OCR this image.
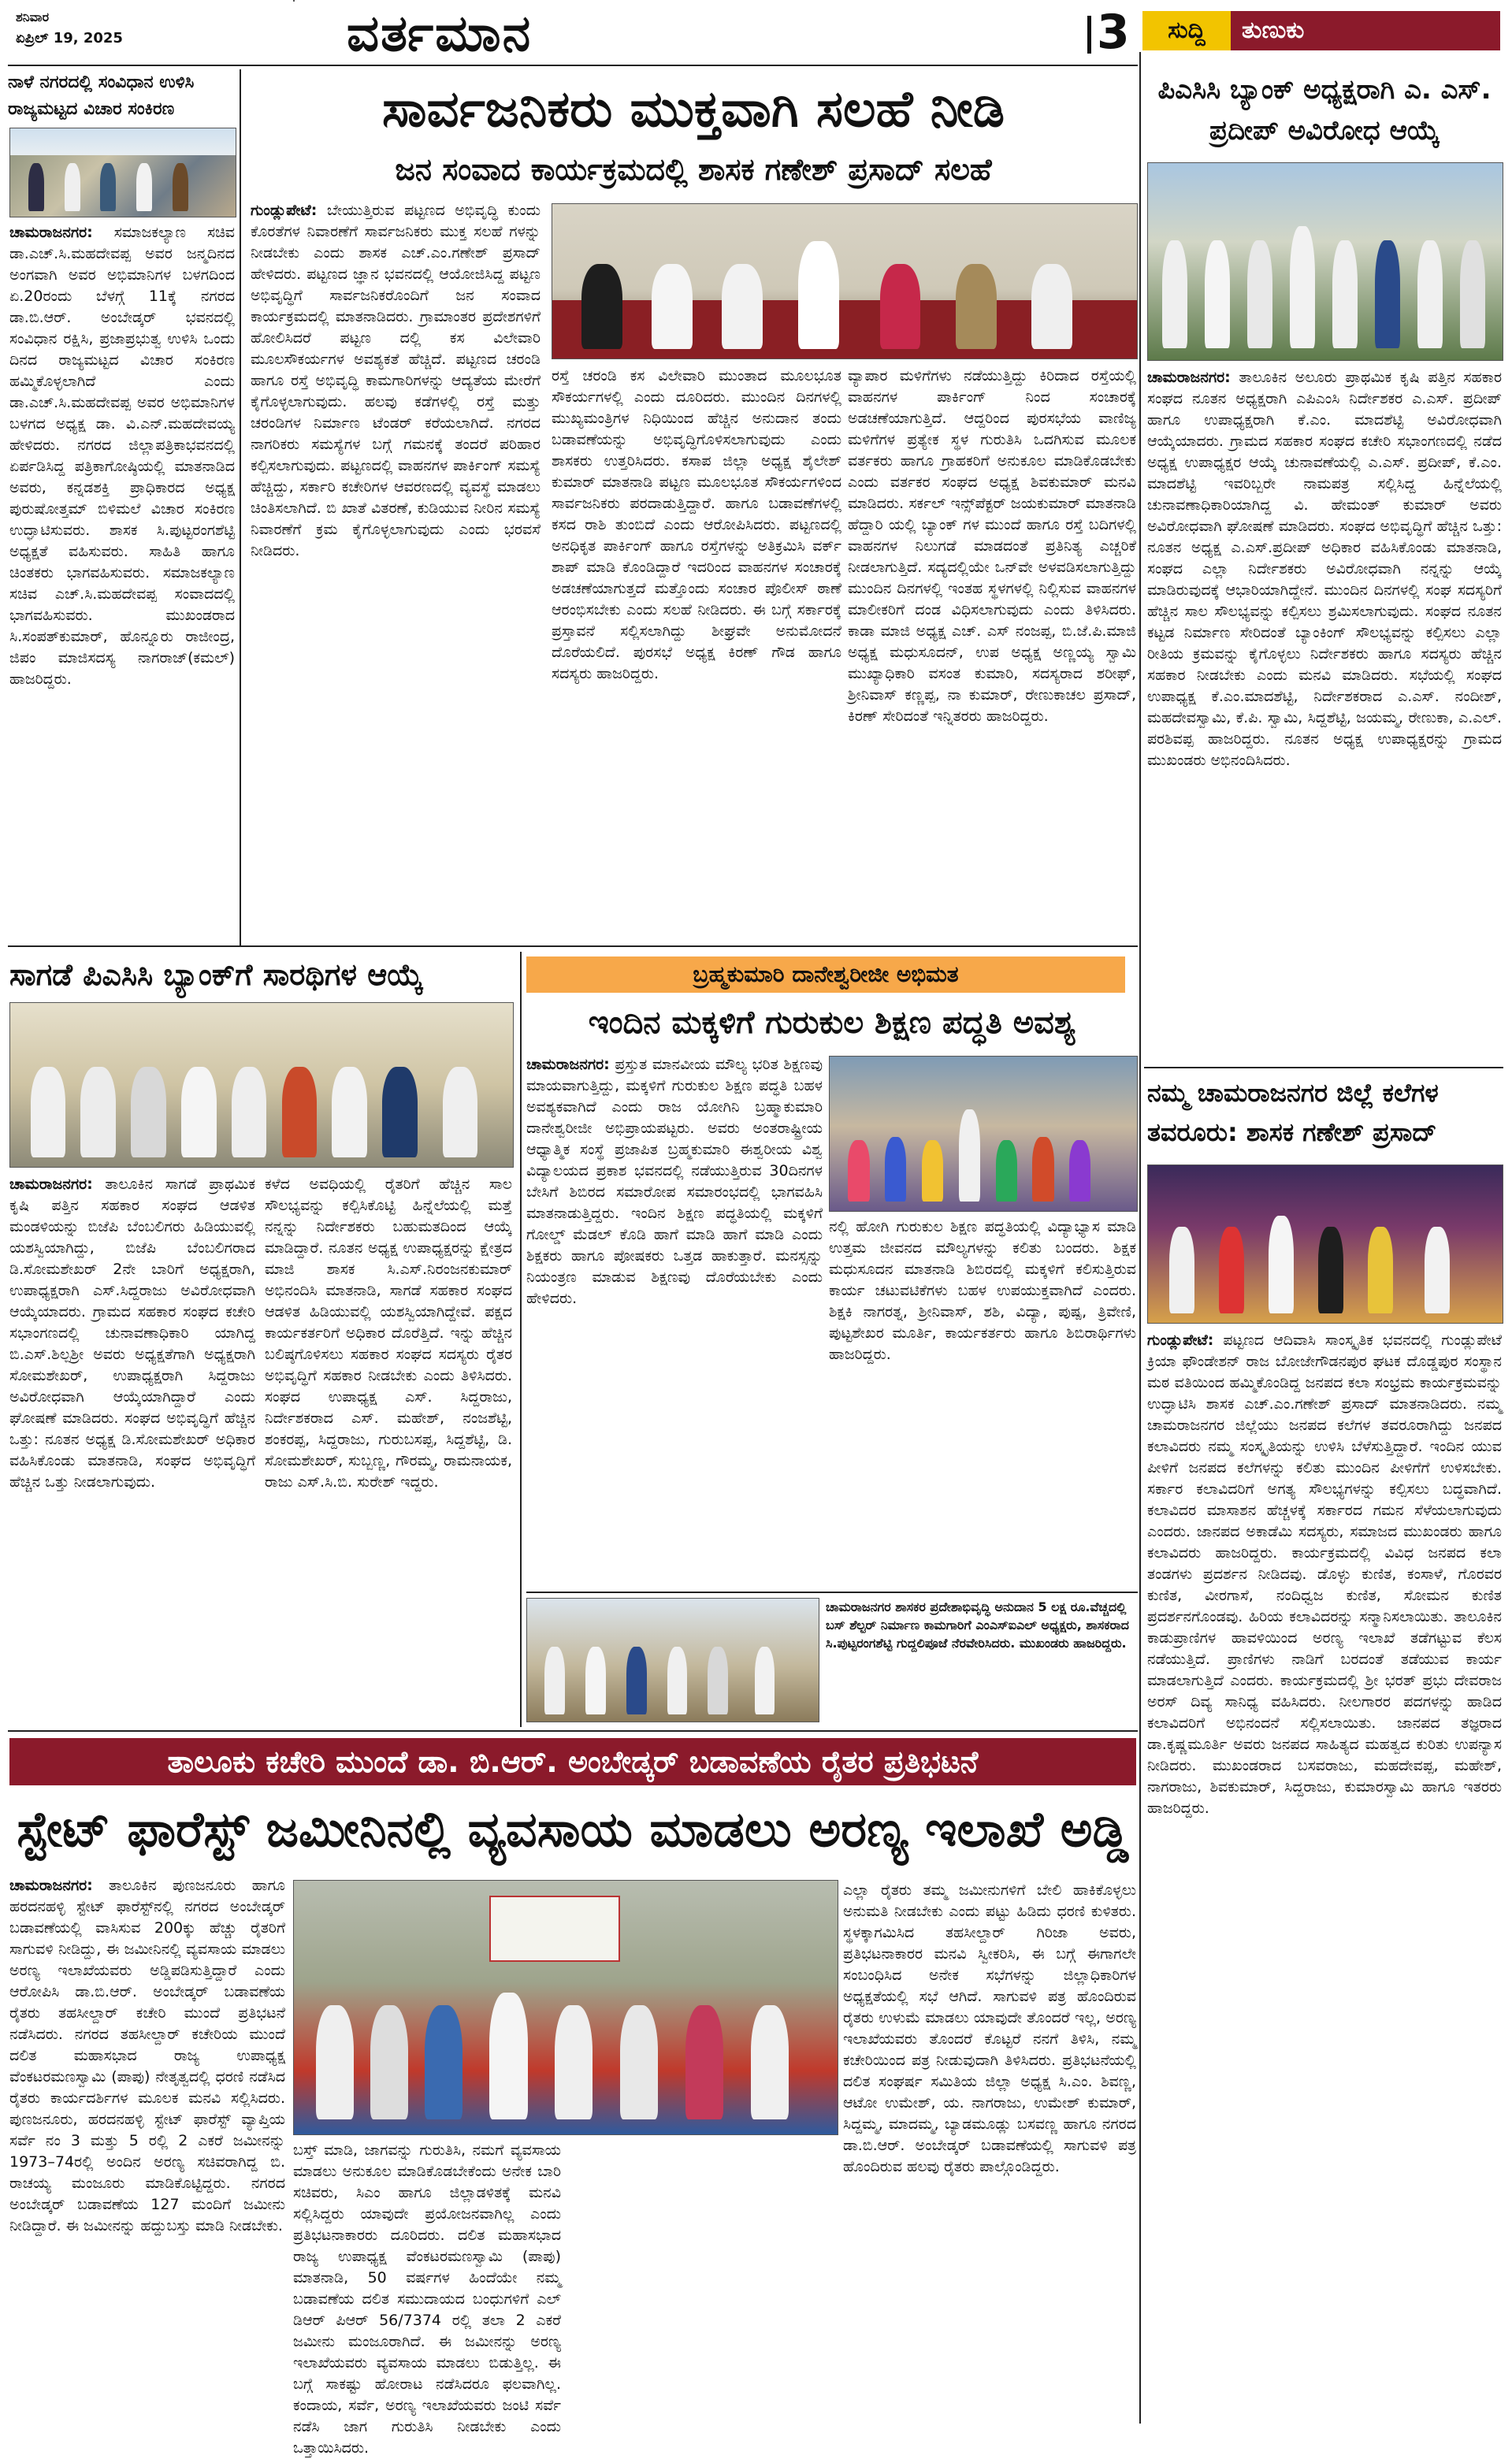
ಶನಿವಾರ
ಏಪ್ರಿಲ್ 19, 2025	ವರ್ತಮಾನ	3	ಸುದ್ದಿ	ತುಣುಕು
ನಾಳೆ ನಗರದಲ್ಲಿ ಸಂವಿಧಾನ ಉಳಿಸಿ ರಾಜ್ಯಮಟ್ಟದ ವಿಚಾರ ಸಂಕಿರಣ
ಚಾಮರಾಜನಗರ: ಸಮಾಜಕಲ್ಯಾಣ ಸಚಿವ ಡಾ.ಎಚ್.ಸಿ.ಮಹದೇವಪ್ಪ ಅವರ ಜನ್ಮದಿನದ ಅಂಗವಾಗಿ ಅವರ ಅಭಿಮಾನಿಗಳ ಬಳಗದಿಂದ ಏ.20ರಂದು ಬೆಳಗ್ಗೆ 11ಕ್ಕೆ ನಗರದ ಡಾ.ಬಿ.ಆರ್. ಅಂಬೇಡ್ಕರ್ ಭವನದಲ್ಲಿ ಸಂವಿಧಾನ ರಕ್ಷಿಸಿ, ಪ್ರಜಾಪ್ರಭುತ್ವ ಉಳಿಸಿ ಒಂದು ದಿನದ ರಾಜ್ಯಮಟ್ಟದ ವಿಚಾರ ಸಂಕಿರಣ ಹಮ್ಮಿಕೊಳ್ಳಲಾಗಿದೆ ಎಂದು ಡಾ.ಎಚ್.ಸಿ.ಮಹದೇವಪ್ಪ ಅವರ ಅಭಿಮಾನಿಗಳ ಬಳಗದ ಅಧ್ಯಕ್ಷ ಡಾ. ವಿ.ಎನ್.ಮಹದೇವಯ್ಯ ಹೇಳಿದರು. ನಗರದ ಜಿಲ್ಲಾಪತ್ರಿಕಾಭವನದಲ್ಲಿ ಏರ್ಪಡಿಸಿದ್ದ ಪತ್ರಿಕಾಗೋಷ್ಠಿಯಲ್ಲಿ ಮಾತನಾಡಿದ ಅವರು, ಕನ್ನಡಶಕ್ತಿ ಪ್ರಾಧಿಕಾರದ ಅಧ್ಯಕ್ಷ ಪುರುಷೋತ್ತಮ್ ಬಿಳಿಮಲೆ ವಿಚಾರ ಸಂಕಿರಣ ಉದ್ಘಾಟಿಸುವರು. ಶಾಸಕ ಸಿ.ಪುಟ್ಟರಂಗಶೆಟ್ಟಿ ಅಧ್ಯಕ್ಷತೆ ವಹಿಸುವರು. ಸಾಹಿತಿ ಹಾಗೂ ಚಿಂತಕರು ಭಾಗವಹಿಸುವರು. ಸಮಾಜಕಲ್ಯಾಣ ಸಚಿವ ಎಚ್.ಸಿ.ಮಹದೇವಪ್ಪ ಸಂವಾದದಲ್ಲಿ ಭಾಗವಹಿಸುವರು. ಮುಖಂಡರಾದ ಸಿ.ಸಂಪತ್‌ಕುಮಾರ್, ಹೊನ್ನೂರು ರಾಜೀಂದ್ರ, ಜಿಪಂ ಮಾಜಿಸದಸ್ಯ ನಾಗರಾಜ್(ಕಮಲ್) ಹಾಜರಿದ್ದರು.
ಸಾರ್ವಜನಿಕರು ಮುಕ್ತವಾಗಿ ಸಲಹೆ ನೀಡಿ
ಜನ ಸಂವಾದ ಕಾರ್ಯಕ್ರಮದಲ್ಲಿ ಶಾಸಕ ಗಣೇಶ್ ಪ್ರಸಾದ್ ಸಲಹೆ
ಗುಂಡ್ಲುಪೇಟೆ: ಬೇಯುತ್ತಿರುವ ಪಟ್ಟಣದ ಅಭಿವೃದ್ಧಿ ಕುಂದು ಕೊರತೆಗಳ ನಿವಾರಣೆಗೆ ಸಾರ್ವಜನಿಕರು ಮುಕ್ತ ಸಲಹೆ ಗಳನ್ನು ನೀಡಬೇಕು ಎಂದು ಶಾಸಕ ಎಚ್.ಎಂ.ಗಣೇಶ್ ಪ್ರಸಾದ್ ಹೇಳಿದರು. ಪಟ್ಟಣದ ಜ್ಞಾನ ಭವನದಲ್ಲಿ ಆಯೋಜಿಸಿದ್ದ ಪಟ್ಟಣ ಅಭಿವೃದ್ಧಿಗೆ ಸಾರ್ವಜನಿಕರೊಂದಿಗೆ ಜನ ಸಂವಾದ ಕಾರ್ಯಕ್ರಮದಲ್ಲಿ ಮಾತನಾಡಿದರು. ಗ್ರಾಮಾಂತರ ಪ್ರದೇಶಗಳಿಗೆ ಹೋಲಿಸಿದರೆ ಪಟ್ಟಣ ದಲ್ಲಿ ಕಸ ವಿಲೇವಾರಿ ಮೂಲಸೌಕರ್ಯಗಳ ಅವಶ್ಯಕತೆ ಹೆಚ್ಚಿದೆ. ಪಟ್ಟಣದ ಚರಂಡಿ ಹಾಗೂ ರಸ್ತೆ ಅಭಿವೃದ್ಧಿ ಕಾಮಗಾರಿಗಳನ್ನು ಆದ್ಯತೆಯ ಮೇರೆಗೆ ಕೈಗೊಳ್ಳಲಾಗುವುದು. ಹಲವು ಕಡೆಗಳಲ್ಲಿ ರಸ್ತೆ ಮತ್ತು ಚರಂಡಿಗಳ ನಿರ್ಮಾಣ ಟೆಂಡರ್ ಕರೆಯಲಾಗಿದೆ. ನಗರದ ನಾಗರಿಕರು ಸಮಸ್ಯೆಗಳ ಬಗ್ಗೆ ಗಮನಕ್ಕೆ ತಂದರೆ ಪರಿಹಾರ ಕಲ್ಪಿಸಲಾಗುವುದು. ಪಟ್ಟಣದಲ್ಲಿ ವಾಹನಗಳ ಪಾರ್ಕಿಂಗ್ ಸಮಸ್ಯೆ ಹೆಚ್ಚಿದ್ದು, ಸರ್ಕಾರಿ ಕಚೇರಿಗಳ ಆವರಣದಲ್ಲಿ ವ್ಯವಸ್ಥೆ ಮಾಡಲು ಚಿಂತಿಸಲಾಗಿದೆ. ಬಿ ಖಾತೆ ವಿತರಣೆ, ಕುಡಿಯುವ ನೀರಿನ ಸಮಸ್ಯೆ ನಿವಾರಣೆಗೆ ಕ್ರಮ ಕೈಗೊಳ್ಳಲಾಗುವುದು ಎಂದು ಭರವಸೆ ನೀಡಿದರು.
ರಸ್ತೆ ಚರಂಡಿ ಕಸ ವಿಲೇವಾರಿ ಮುಂತಾದ ಮೂಲಭೂತ ಸೌಕರ್ಯಗಳಲ್ಲಿ ಎಂದು ದೂರಿದರು. ಮುಂದಿನ ದಿನಗಳಲ್ಲಿ ಮುಖ್ಯಮಂತ್ರಿಗಳ ನಿಧಿಯಿಂದ ಹೆಚ್ಚಿನ ಅನುದಾನ ತಂದು ಬಡಾವಣೆಯನ್ನು ಅಭಿವೃದ್ಧಿಗೊಳಿಸಲಾಗುವುದು ಎಂದು ಶಾಸಕರು ಉತ್ತರಿಸಿದರು. ಕಸಾಪ ಜಿಲ್ಲಾ ಅಧ್ಯಕ್ಷ ಶೈಲೇಶ್ ಕುಮಾರ್ ಮಾತನಾಡಿ ಪಟ್ಟಣ ಮೂಲಭೂತ ಸೌಕರ್ಯಗಳಿಂದ ಸಾರ್ವಜನಿಕರು ಪರದಾಡುತ್ತಿದ್ದಾರೆ. ಹಾಗೂ ಬಡಾವಣೆಗಳಲ್ಲಿ ಕಸದ ರಾಶಿ ತುಂಬಿದೆ ಎಂದು ಆರೋಪಿಸಿದರು. ಪಟ್ಟಣದಲ್ಲಿ ಅನಧಿಕೃತ ಪಾರ್ಕಿಂಗ್ ಹಾಗೂ ರಸ್ತೆಗಳನ್ನು ಅತಿಕ್ರಮಿಸಿ ವರ್ಕ್ ಶಾಪ್ ಮಾಡಿ ಕೊಂಡಿದ್ದಾರೆ ಇದರಿಂದ ವಾಹನಗಳ ಸಂಚಾರಕ್ಕೆ ಅಡಚಣೆಯಾಗುತ್ತದೆ ಮತ್ತೊಂದು ಸಂಚಾರ ಪೊಲೀಸ್ ಠಾಣೆ ಆರಂಭಿಸಬೇಕು ಎಂದು ಸಲಹೆ ನೀಡಿದರು. ಈ ಬಗ್ಗೆ ಸರ್ಕಾರಕ್ಕೆ ಪ್ರಸ್ತಾವನೆ ಸಲ್ಲಿಸಲಾಗಿದ್ದು ಶೀಘ್ರವೇ ಅನುಮೋದನೆ ದೊರೆಯಲಿದೆ. ಪುರಸಭೆ ಅಧ್ಯಕ್ಷ ಕಿರಣ್ ಗೌಡ ಹಾಗೂ ಸದಸ್ಯರು ಹಾಜರಿದ್ದರು.
ವ್ಯಾಪಾರ ಮಳಿಗೆಗಳು ನಡೆಯುತ್ತಿದ್ದು ಕಿರಿದಾದ ರಸ್ತೆಯಲ್ಲಿ ವಾಹನಗಳ ಪಾರ್ಕಿಂಗ್ ನಿಂದ ಸಂಚಾರಕ್ಕೆ ಅಡಚಣೆಯಾಗುತ್ತಿದೆ. ಆದ್ದರಿಂದ ಪುರಸಭೆಯ ವಾಣಿಜ್ಯ ಮಳಿಗೆಗಳ ಪ್ರತ್ಯೇಕ ಸ್ಥಳ ಗುರುತಿಸಿ ಒದಗಿಸುವ ಮೂಲಕ ವರ್ತಕರು ಹಾಗೂ ಗ್ರಾಹಕರಿಗೆ ಅನುಕೂಲ ಮಾಡಿಕೊಡಬೇಕು ಎಂದು ವರ್ತಕರ ಸಂಘದ ಅಧ್ಯಕ್ಷ ಶಿವಕುಮಾರ್ ಮನವಿ ಮಾಡಿದರು. ಸರ್ಕಲ್ ಇನ್ಸ್‌ಪೆಕ್ಟರ್ ಜಯಕುಮಾರ್ ಮಾತನಾಡಿ ಹೆದ್ದಾರಿ ಯಲ್ಲಿ ಬ್ಯಾಂಕ್ ಗಳ ಮುಂದೆ ಹಾಗೂ ರಸ್ತೆ ಬದಿಗಳಲ್ಲಿ ವಾಹನಗಳ ನಿಲುಗಡೆ ಮಾಡದಂತೆ ಪ್ರತಿನಿತ್ಯ ಎಚ್ಚರಿಕೆ ನೀಡಲಾಗುತ್ತಿದೆ. ಸದ್ಯದಲ್ಲಿಯೇ ಒನ್‌ವೇ ಅಳವಡಿಸಲಾಗುತ್ತಿದ್ದು ಮುಂದಿನ ದಿನಗಳಲ್ಲಿ ಇಂತಹ ಸ್ಥಳಗಳಲ್ಲಿ ನಿಲ್ಲಿಸುವ ವಾಹನಗಳ ಮಾಲೀಕರಿಗೆ ದಂಡ ವಿಧಿಸಲಾಗುವುದು ಎಂದು ತಿಳಿಸಿದರು. ಕಾಡಾ ಮಾಜಿ ಅಧ್ಯಕ್ಷ ಎಚ್. ಎಸ್ ನಂಜಪ್ಪ, ಬಿ.ಜೆ.ಪಿ.ಮಾಜಿ ಅಧ್ಯಕ್ಷ ಮಧುಸೂದನ್, ಉಪ ಅಧ್ಯಕ್ಷ ಅಣ್ಣಯ್ಯ ಸ್ವಾಮಿ ಮುಖ್ಯಾಧಿಕಾರಿ ವಸಂತ ಕುಮಾರಿ, ಸದಸ್ಯರಾದ ಶರೀಫ್, ಶ್ರೀನಿವಾಸ್ ಕಣ್ಣಪ್ಪ, ನಾ ಕುಮಾರ್, ರೇಣುಕಾಚಲ ಪ್ರಸಾದ್, ಕಿರಣ್ ಸೇರಿದಂತೆ ಇನ್ನಿತರರು ಹಾಜರಿದ್ದರು.
ಸಾಗಡೆ ಪಿಎಸಿಸಿ ಬ್ಯಾಂಕ್‌ಗೆ ಸಾರಥಿಗಳ ಆಯ್ಕೆ
ಚಾಮರಾಜನಗರ: ತಾಲೂಕಿನ ಸಾಗಡೆ ಪ್ರಾಥಮಿಕ ಕೃಷಿ ಪತ್ತಿನ ಸಹಕಾರ ಸಂಘದ ಆಡಳಿತ ಮಂಡಳಿಯನ್ನು ಬಿಜೆಪಿ ಬೆಂಬಲಿಗರು ಹಿಡಿಯುವಲ್ಲಿ ಯಶಸ್ವಿಯಾಗಿದ್ದು, ಬಿಜೆಪಿ ಬೆಂಬಲಿಗರಾದ ಡಿ.ಸೋಮಶೇಖರ್ 2ನೇ ಬಾರಿಗೆ ಅಧ್ಯಕ್ಷರಾಗಿ, ಉಪಾಧ್ಯಕ್ಷರಾಗಿ ಎಸ್.ಸಿದ್ದರಾಜು ಅವಿರೋಧವಾಗಿ ಆಯ್ಕೆಯಾದರು. ಗ್ರಾಮದ ಸಹಕಾರ ಸಂಘದ ಕಚೇರಿ ಸಭಾಂಗಣದಲ್ಲಿ ಚುನಾವಣಾಧಿಕಾರಿ ಯಾಗಿದ್ದ ಬಿ.ಎಸ್.ಶಿಲ್ಪಶ್ರೀ ಅವರು ಅಧ್ಯಕ್ಷತೆಗಾಗಿ ಅಧ್ಯಕ್ಷರಾಗಿ ಸೋಮಶೇಖರ್, ಉಪಾಧ್ಯಕ್ಷರಾಗಿ ಸಿದ್ದರಾಜು ಅವಿರೋಧವಾಗಿ ಆಯ್ಕೆಯಾಗಿದ್ದಾರೆ ಎಂದು ಘೋಷಣೆ ಮಾಡಿದರು. ಸಂಘದ ಅಭಿವೃದ್ಧಿಗೆ ಹೆಚ್ಚಿನ ಒತ್ತು: ನೂತನ ಅಧ್ಯಕ್ಷ ಡಿ.ಸೋಮಶೇಖರ್ ಅಧಿಕಾರ ವಹಿಸಿಕೊಂಡು ಮಾತನಾಡಿ, ಸಂಘದ ಅಭಿವೃದ್ಧಿಗೆ ಹೆಚ್ಚಿನ ಒತ್ತು ನೀಡಲಾಗುವುದು.
ಕಳೆದ ಅವಧಿಯಲ್ಲಿ ರೈತರಿಗೆ ಹೆಚ್ಚಿನ ಸಾಲ ಸೌಲಭ್ಯವನ್ನು ಕಲ್ಪಿಸಿಕೊಟ್ಟಿ ಹಿನ್ನೆಲೆಯಲ್ಲಿ ಮತ್ತೆ ನನ್ನನ್ನು ನಿರ್ದೇಶಕರು ಬಹುಮತದಿಂದ ಆಯ್ಕೆ ಮಾಡಿದ್ದಾರೆ. ನೂತನ ಅಧ್ಯಕ್ಷ ಉಪಾಧ್ಯಕ್ಷರನ್ನು ಕ್ಷೇತ್ರದ ಮಾಜಿ ಶಾಸಕ ಸಿ.ಎಸ್.ನಿರಂಜನಕುಮಾರ್ ಅಭಿನಂದಿಸಿ ಮಾತನಾಡಿ, ಸಾಗಡೆ ಸಹಕಾರ ಸಂಘದ ಆಡಳಿತ ಹಿಡಿಯುವಲ್ಲಿ ಯಶಸ್ವಿಯಾಗಿದ್ದೇವೆ. ಪಕ್ಷದ ಕಾರ್ಯಕರ್ತರಿಗೆ ಅಧಿಕಾರ ದೊರೆತ್ತಿದೆ. ಇನ್ನು ಹೆಚ್ಚಿನ ಬಲಿಷ್ಠಗೊಳಿಸಲು ಸಹಕಾರ ಸಂಘದ ಸದಸ್ಯರು ರೈತರ ಅಭಿವೃದ್ಧಿಗೆ ಸಹಕಾರ ನೀಡಬೇಕು ಎಂದು ತಿಳಿಸಿದರು. ಸಂಘದ ಉಪಾಧ್ಯಕ್ಷ ಎಸ್. ಸಿದ್ದರಾಜು, ನಿರ್ದೇಶಕರಾದ ಎಸ್. ಮಹೇಶ್, ನಂಜಶೆಟ್ಟಿ, ಶಂಕರಪ್ಪ, ಸಿದ್ದರಾಜು, ಗುರುಬಸಪ್ಪ, ಸಿದ್ದಶೆಟ್ಟಿ, ಡಿ. ಸೋಮಶೇಖರ್, ಸುಬ್ಬಣ್ಣ, ಗೌರಮ್ಮ, ರಾಮನಾಯಕ, ರಾಜು ಎಸ್.ಸಿ.ಬಿ. ಸುರೇಶ್ ಇದ್ದರು.
ಬ್ರಹ್ಮಕುಮಾರಿ ದಾನೇಶ್ವರೀಜೀ ಅಭಿಮತ
ಇಂದಿನ ಮಕ್ಕಳಿಗೆ ಗುರುಕುಲ ಶಿಕ್ಷಣ ಪದ್ಧತಿ ಅವಶ್ಯ
ಚಾಮರಾಜನಗರ: ಪ್ರಸ್ತುತ ಮಾನವೀಯ ಮೌಲ್ಯ ಭರಿತ ಶಿಕ್ಷಣವು ಮಾಯವಾಗುತ್ತಿದ್ದು, ಮಕ್ಕಳಿಗೆ ಗುರುಕುಲ ಶಿಕ್ಷಣ ಪದ್ಧತಿ ಬಹಳ ಅವಶ್ಯಕವಾಗಿದೆ ಎಂದು ರಾಜ ಯೋಗಿನಿ ಬ್ರಹ್ಮಾಕುಮಾರಿ ದಾನೇಶ್ವರೀಜೀ ಅಭಿಪ್ರಾಯಪಟ್ಟರು. ಅವರು ಅಂತರಾಷ್ಟ್ರೀಯ ಆಧ್ಯಾತ್ಮಿಕ ಸಂಸ್ಥೆ ಪ್ರಜಾಪಿತ ಬ್ರಹ್ಮಕುಮಾರಿ ಈಶ್ವರೀಯ ವಿಶ್ವ ವಿದ್ಯಾಲಯದ ಪ್ರಕಾಶ ಭವನದಲ್ಲಿ ನಡೆಯುತ್ತಿರುವ 30ದಿನಗಳ ಬೇಸಿಗೆ ಶಿಬಿರದ ಸಮಾರೋಪ ಸಮಾರಂಭದಲ್ಲಿ ಭಾಗವಹಿಸಿ ಮಾತನಾಡುತ್ತಿದ್ದರು. ಇಂದಿನ ಶಿಕ್ಷಣ ಪದ್ಧತಿಯಲ್ಲಿ ಮಕ್ಕಳಿಗೆ ಗೋಲ್ಡ್ ಮೆಡಲ್ ಕೊಡಿ ಹಾಗೆ ಮಾಡಿ ಹಾಗೆ ಮಾಡಿ ಎಂದು ಶಿಕ್ಷಕರು ಹಾಗೂ ಪೋಷಕರು ಒತ್ತಡ ಹಾಕುತ್ತಾರೆ. ಮನಸ್ಸನ್ನು ನಿಯಂತ್ರಣ ಮಾಡುವ ಶಿಕ್ಷಣವು ದೊರೆಯಬೇಕು ಎಂದು ಹೇಳಿದರು.
ನಲ್ಲಿ ಹೋಗಿ ಗುರುಕುಲ ಶಿಕ್ಷಣ ಪದ್ಧತಿಯಲ್ಲಿ ವಿದ್ಯಾಭ್ಯಾಸ ಮಾಡಿ ಉತ್ತಮ ಜೀವನದ ಮೌಲ್ಯಗಳನ್ನು ಕಲಿತು ಬಂದರು. ಶಿಕ್ಷಕ ಮಧುಸೂದನ ಮಾತನಾಡಿ ಶಿಬಿರದಲ್ಲಿ ಮಕ್ಕಳಿಗೆ ಕಲಿಸುತ್ತಿರುವ ಕಾರ್ಯ ಚಟುವಟಿಕೆಗಳು ಬಹಳ ಉಪಯುಕ್ತವಾಗಿದೆ ಎಂದರು. ಶಿಕ್ಷಕಿ ನಾಗರತ್ನ, ಶ್ರೀನಿವಾಸ್, ಶಶಿ, ವಿದ್ಯಾ, ಪುಷ್ಪ, ತ್ರಿವೇಣಿ, ಪುಟ್ಟಶೇಖರ ಮೂರ್ತಿ, ಕಾರ್ಯಕರ್ತರು ಹಾಗೂ ಶಿಬಿರಾರ್ಥಿಗಳು ಹಾಜರಿದ್ದರು.
ಚಾಮರಾಜನಗರ ಶಾಸಕರ ಪ್ರದೇಶಾಭಿವೃದ್ಧಿ ಅನುದಾನ 5 ಲಕ್ಷ ರೂ.ವೆಚ್ಚದಲ್ಲಿ ಬಸ್ ಶೆಲ್ಟರ್ ನಿರ್ಮಾಣ ಕಾಮಗಾರಿಗೆ ಎಂಎಸ್‌ಐಎಲ್ ಅಧ್ಯಕ್ಷರು, ಶಾಸಕರಾದ ಸಿ.ಪುಟ್ಟರಂಗಶೆಟ್ಟಿ ಗುದ್ದಲಿಪೂಜೆ ನೆರವೇರಿಸಿದರು. ಮುಖಂಡರು ಹಾಜರಿದ್ದರು.
ತಾಲೂಕು ಕಚೇರಿ ಮುಂದೆ ಡಾ. ಬಿ.ಆರ್. ಅಂಬೇಡ್ಕರ್ ಬಡಾವಣೆಯ ರೈತರ ಪ್ರತಿಭಟನೆ
ಸ್ಟೇಟ್ ಫಾರೆಸ್ಟ್ ಜಮೀನಿನಲ್ಲಿ ವ್ಯವಸಾಯ ಮಾಡಲು ಅರಣ್ಯ ಇಲಾಖೆ ಅಡ್ಡಿ
ಚಾಮರಾಜನಗರ: ತಾಲೂಕಿನ ಪುಣಜನೂರು ಹಾಗೂ ಹರದನಹಳ್ಳಿ ಸ್ಟೇಟ್ ಫಾರೆಸ್ಟ್‌ನಲ್ಲಿ ನಗರದ ಅಂಬೇಡ್ಕರ್ ಬಡಾವಣೆಯಲ್ಲಿ ವಾಸಿಸುವ 200ಕ್ಕು ಹೆಚ್ಚು ರೈತರಿಗೆ ಸಾಗುವಳಿ ನೀಡಿದ್ದು, ಈ ಜಮೀನಿನಲ್ಲಿ ವ್ಯವಸಾಯ ಮಾಡಲು ಅರಣ್ಯ ಇಲಾಖೆಯವರು ಅಡ್ಡಿಪಡಿಸುತ್ತಿದ್ದಾರೆ ಎಂದು ಆರೋಪಿಸಿ ಡಾ.ಬಿ.ಆರ್. ಅಂಬೇಡ್ಕರ್ ಬಡಾವಣೆಯ ರೈತರು ತಹಸೀಲ್ದಾರ್ ಕಚೇರಿ ಮುಂದೆ ಪ್ರತಿಭಟನೆ ನಡೆಸಿದರು. ನಗರದ ತಹಸೀಲ್ದಾರ್ ಕಚೇರಿಯ ಮುಂದೆ ದಲಿತ ಮಹಾಸಭಾದ ರಾಜ್ಯ ಉಪಾಧ್ಯಕ್ಷ ವೆಂಕಟರಮಣಸ್ವಾಮಿ (ಪಾಪು) ನೇತೃತ್ವದಲ್ಲಿ ಧರಣಿ ನಡೆಸಿದ ರೈತರು ಕಾರ್ಯದರ್ಶಿಗಳ ಮೂಲಕ ಮನವಿ ಸಲ್ಲಿಸಿದರು. ಪುಣಜನೂರು, ಹರದನಹಳ್ಳಿ ಸ್ಟೇಟ್ ಫಾರೆಸ್ಟ್ ವ್ಯಾಪ್ತಿಯ ಸರ್ವೆ ನಂ 3 ಮತ್ತು 5 ರಲ್ಲಿ 2 ಎಕರೆ ಜಮೀನನ್ನು 1973–74ರಲ್ಲಿ ಅಂದಿನ ಅರಣ್ಯ ಸಚಿವರಾಗಿದ್ದ ಬಿ. ರಾಚಯ್ಯ ಮಂಜೂರು ಮಾಡಿಕೊಟ್ಟಿದ್ದರು. ನಗರದ ಅಂಬೇಡ್ಕರ್ ಬಡಾವಣೆಯ 127 ಮಂದಿಗೆ ಜಮೀನು ನೀಡಿದ್ದಾರೆ. ಈ ಜಮೀನನ್ನು ಹದ್ದುಬಸ್ತು ಮಾಡಿ ನೀಡಬೇಕು.
ಬಸ್ತ್ ಮಾಡಿ, ಜಾಗವನ್ನು ಗುರುತಿಸಿ, ನಮಗೆ ವ್ಯವಸಾಯ ಮಾಡಲು ಅನುಕೂಲ ಮಾಡಿಕೊಡಬೇಕೆಂದು ಅನೇಕ ಬಾರಿ ಸಚಿವರು, ಸಿಎಂ ಹಾಗೂ ಜಿಲ್ಲಾಡಳಿತಕ್ಕೆ ಮನವಿ ಸಲ್ಲಿಸಿದ್ದರು ಯಾವುದೇ ಪ್ರಯೋಜನವಾಗಿಲ್ಲ ಎಂದು ಪ್ರತಿಭಟನಾಕಾರರು ದೂರಿದರು. ದಲಿತ ಮಹಾಸಭಾದ ರಾಜ್ಯ ಉಪಾಧ್ಯಕ್ಷ ವೆಂಕಟರಮಣಸ್ವಾಮಿ (ಪಾಪು) ಮಾತನಾಡಿ, 50 ವರ್ಷಗಳ ಹಿಂದೆಯೇ ನಮ್ಮ ಬಡಾವಣೆಯ ದಲಿತ ಸಮುದಾಯದ ಬಂಧುಗಳಿಗೆ ಎಲ್ ಡಿಆರ್ ಪಿಆರ್ 56/7374 ರಲ್ಲಿ ತಲಾ 2 ಎಕರೆ ಜಮೀನು ಮಂಜೂರಾಗಿದೆ. ಈ ಜಮೀನನ್ನು ಅರಣ್ಯ ಇಲಾಖೆಯವರು ವ್ಯವಸಾಯ ಮಾಡಲು ಬಿಡುತ್ತಿಲ್ಲ. ಈ ಬಗ್ಗೆ ಸಾಕಷ್ಟು ಹೋರಾಟ ನಡೆಸಿದರೂ ಫಲವಾಗಿಲ್ಲ. ಕಂದಾಯ, ಸರ್ವೆ, ಅರಣ್ಯ ಇಲಾಖೆಯವರು ಜಂಟಿ ಸರ್ವೆ ನಡೆಸಿ ಜಾಗ ಗುರುತಿಸಿ ನೀಡಬೇಕು ಎಂದು ಒತ್ತಾಯಿಸಿದರು.
ಎಲ್ಲಾ ರೈತರು ತಮ್ಮ ಜಮೀನುಗಳಿಗೆ ಬೇಲಿ ಹಾಕಿಕೊಳ್ಳಲು ಅನುಮತಿ ನೀಡಬೇಕು ಎಂದು ಪಟ್ಟು ಹಿಡಿದು ಧರಣಿ ಕುಳಿತರು. ಸ್ಥಳಕ್ಕಾಗಮಿಸಿದ ತಹಸೀಲ್ದಾರ್ ಗಿರಿಜಾ ಅವರು, ಪ್ರತಿಭಟನಾಕಾರರ ಮನವಿ ಸ್ವೀಕರಿಸಿ, ಈ ಬಗ್ಗೆ ಈಗಾಗಲೇ ಸಂಬಂಧಿಸಿದ ಅನೇಕ ಸಭೆಗಳನ್ನು ಜಿಲ್ಲಾಧಿಕಾರಿಗಳ ಅಧ್ಯಕ್ಷತೆಯಲ್ಲಿ ಸಭೆ ಆಗಿದೆ. ಸಾಗುವಳಿ ಪತ್ರ ಹೊಂದಿರುವ ರೈತರು ಉಳುಮೆ ಮಾಡಲು ಯಾವುದೇ ತೊಂದರೆ ಇಲ್ಲ, ಅರಣ್ಯ ಇಲಾಖೆಯವರು ತೊಂದರೆ ಕೊಟ್ಟರೆ ನನಗೆ ತಿಳಿಸಿ, ನಮ್ಮ ಕಚೇರಿಯಿಂದ ಪತ್ರ ನೀಡುವುದಾಗಿ ತಿಳಿಸಿದರು. ಪ್ರತಿಭಟನೆಯಲ್ಲಿ ದಲಿತ ಸಂಘರ್ಷ ಸಮಿತಿಯ ಜಿಲ್ಲಾ ಅಧ್ಯಕ್ಷ ಸಿ.ಎಂ. ಶಿವಣ್ಣ, ಆಟೋ ಉಮೇಶ್, ಯ. ನಾಗರಾಜು, ಉಮೇಶ್ ಕುಮಾರ್, ಸಿದ್ದಮ್ಮ, ಮಾದಮ್ಮ, ಬ್ಯಾಡಮೂಡ್ಲು ಬಸವಣ್ಣ ಹಾಗೂ ನಗರದ ಡಾ.ಬಿ.ಆರ್. ಅಂಬೇಡ್ಕರ್ ಬಡಾವಣೆಯಲ್ಲಿ ಸಾಗುವಳಿ ಪತ್ರ ಹೊಂದಿರುವ ಹಲವು ರೈತರು ಪಾಲ್ಗೊಂಡಿದ್ದರು.
ಪಿಎಸಿಸಿ ಬ್ಯಾಂಕ್ ಅಧ್ಯಕ್ಷರಾಗಿ ಎ. ಎಸ್. ಪ್ರದೀಪ್ ಅವಿರೋಧ ಆಯ್ಕೆ
ಚಾಮರಾಜನಗರ: ತಾಲೂಕಿನ ಅಲೂರು ಪ್ರಾಥಮಿಕ ಕೃಷಿ ಪತ್ತಿನ ಸಹಕಾರ ಸಂಘದ ನೂತನ ಅಧ್ಯಕ್ಷರಾಗಿ ಎಪಿಎಂಸಿ ನಿರ್ದೇಶಕರ ಎ.ಎಸ್. ಪ್ರದೀಪ್ ಹಾಗೂ ಉಪಾಧ್ಯಕ್ಷರಾಗಿ ಕೆ.ಎಂ. ಮಾದಶೆಟ್ಟಿ ಅವಿರೋಧವಾಗಿ ಆಯ್ಕೆಯಾದರು. ಗ್ರಾಮದ ಸಹಕಾರ ಸಂಘದ ಕಚೇರಿ ಸಭಾಂಗಣದಲ್ಲಿ ನಡೆದ ಅಧ್ಯಕ್ಷ ಉಪಾಧ್ಯಕ್ಷರ ಆಯ್ಕೆ ಚುನಾವಣೆಯಲ್ಲಿ ಎ.ಎಸ್. ಪ್ರದೀಪ್, ಕೆ.ಎಂ. ಮಾದಶೆಟ್ಟಿ ಇವರಿಬ್ಬರೇ ನಾಮಪತ್ರ ಸಲ್ಲಿಸಿದ್ದ ಹಿನ್ನೆಲೆಯಲ್ಲಿ ಚುನಾವಣಾಧಿಕಾರಿಯಾಗಿದ್ದ ವಿ. ಹೇಮಂತ್ ಕುಮಾರ್ ಅವರು ಅವಿರೋಧವಾಗಿ ಘೋಷಣೆ ಮಾಡಿದರು. ಸಂಘದ ಅಭಿವೃದ್ಧಿಗೆ ಹೆಚ್ಚಿನ ಒತ್ತು: ನೂತನ ಅಧ್ಯಕ್ಷ ಎ.ಎಸ್.ಪ್ರದೀಪ್ ಅಧಿಕಾರ ವಹಿಸಿಕೊಂಡು ಮಾತನಾಡಿ, ಸಂಘದ ಎಲ್ಲಾ ನಿರ್ದೇಶಕರು ಅವಿರೋಧವಾಗಿ ನನ್ನನ್ನು ಆಯ್ಕೆ ಮಾಡಿರುವುದಕ್ಕೆ ಆಭಾರಿಯಾಗಿದ್ದೇನೆ. ಮುಂದಿನ ದಿನಗಳಲ್ಲಿ ಸಂಘ ಸದಸ್ಯರಿಗೆ ಹೆಚ್ಚಿನ ಸಾಲ ಸೌಲಭ್ಯವನ್ನು ಕಲ್ಪಿಸಲು ಶ್ರಮಿಸಲಾಗುವುದು. ಸಂಘದ ನೂತನ ಕಟ್ಟಡ ನಿರ್ಮಾಣ ಸೇರಿದಂತೆ ಬ್ಯಾಂಕಿಂಗ್ ಸೌಲಭ್ಯವನ್ನು ಕಲ್ಪಿಸಲು ಎಲ್ಲಾ ರೀತಿಯ ಕ್ರಮವನ್ನು ಕೈಗೊಳ್ಳಲು ನಿರ್ದೇಶಕರು ಹಾಗೂ ಸದಸ್ಯರು ಹೆಚ್ಚಿನ ಸಹಕಾರ ನೀಡಬೇಕು ಎಂದು ಮನವಿ ಮಾಡಿದರು. ಸಭೆಯಲ್ಲಿ ಸಂಘದ ಉಪಾಧ್ಯಕ್ಷ ಕೆ.ಎಂ.ಮಾದಶೆಟ್ಟಿ, ನಿರ್ದೇಶಕರಾದ ಎ.ಎಸ್. ನಂದೀಶ್, ಮಹದೇವಸ್ವಾಮಿ, ಕೆ.ಪಿ. ಸ್ವಾಮಿ, ಸಿದ್ದಶೆಟ್ಟಿ, ಜಯಮ್ಮ, ರೇಣುಕಾ, ಎ.ಎಲ್. ಪರಶಿವಪ್ಪ ಹಾಜರಿದ್ದರು. ನೂತನ ಅಧ್ಯಕ್ಷ ಉಪಾಧ್ಯಕ್ಷರನ್ನು ಗ್ರಾಮದ ಮುಖಂಡರು ಅಭಿನಂದಿಸಿದರು.
ನಮ್ಮ ಚಾಮರಾಜನಗರ ಜಿಲ್ಲೆ ಕಲೆಗಳ ತವರೂರು: ಶಾಸಕ ಗಣೇಶ್ ಪ್ರಸಾದ್
ಗುಂಡ್ಲುಪೇಟೆ: ಪಟ್ಟಣದ ಆದಿವಾಸಿ ಸಾಂಸ್ಕೃತಿಕ ಭವನದಲ್ಲಿ ಗುಂಡ್ಲುಪೇಟೆ ಕ್ರಿಯಾ ಫೌಂಡೇಶನ್ ರಾಜ ಬೋಜೇಗೌಡನಪುರ ಘಟಕ ದೊಡ್ಡಪುರ ಸಂಸ್ಥಾನ ಮಠ ವತಿಯಿಂದ ಹಮ್ಮಿಕೊಂಡಿದ್ದ ಜನಪದ ಕಲಾ ಸಂಭ್ರಮ ಕಾರ್ಯಕ್ರಮವನ್ನು ಉದ್ಘಾಟಿಸಿ ಶಾಸಕ ಎಚ್.ಎಂ.ಗಣೇಶ್ ಪ್ರಸಾದ್ ಮಾತನಾಡಿದರು. ನಮ್ಮ ಚಾಮರಾಜನಗರ ಜಿಲ್ಲೆಯು ಜನಪದ ಕಲೆಗಳ ತವರೂರಾಗಿದ್ದು ಜನಪದ ಕಲಾವಿದರು ನಮ್ಮ ಸಂಸ್ಕೃತಿಯನ್ನು ಉಳಿಸಿ ಬೆಳೆಸುತ್ತಿದ್ದಾರೆ. ಇಂದಿನ ಯುವ ಪೀಳಿಗೆ ಜನಪದ ಕಲೆಗಳನ್ನು ಕಲಿತು ಮುಂದಿನ ಪೀಳಿಗೆಗೆ ಉಳಿಸಬೇಕು. ಸರ್ಕಾರ ಕಲಾವಿದರಿಗೆ ಅಗತ್ಯ ಸೌಲಭ್ಯಗಳನ್ನು ಕಲ್ಪಿಸಲು ಬದ್ಧವಾಗಿದೆ. ಕಲಾವಿದರ ಮಾಸಾಶನ ಹೆಚ್ಚಳಕ್ಕೆ ಸರ್ಕಾರದ ಗಮನ ಸೆಳೆಯಲಾಗುವುದು ಎಂದರು. ಜಾನಪದ ಅಕಾಡೆಮಿ ಸದಸ್ಯರು, ಸಮಾಜದ ಮುಖಂಡರು ಹಾಗೂ ಕಲಾವಿದರು ಹಾಜರಿದ್ದರು. ಕಾರ್ಯಕ್ರಮದಲ್ಲಿ ವಿವಿಧ ಜನಪದ ಕಲಾ ತಂಡಗಳು ಪ್ರದರ್ಶನ ನೀಡಿದವು. ಡೊಳ್ಳು ಕುಣಿತ, ಕಂಸಾಳೆ, ಗೊರವರ ಕುಣಿತ, ವೀರಗಾಸೆ, ನಂದಿಧ್ವಜ ಕುಣಿತ, ಸೋಮನ ಕುಣಿತ ಪ್ರದರ್ಶನಗೊಂಡವು. ಹಿರಿಯ ಕಲಾವಿದರನ್ನು ಸನ್ಮಾನಿಸಲಾಯಿತು. ತಾಲೂಕಿನ ಕಾಡುಪ್ರಾಣಿಗಳ ಹಾವಳಿಯಿಂದ ಅರಣ್ಯ ಇಲಾಖೆ ತಡೆಗಟ್ಟುವ ಕೆಲಸ ನಡೆಯುತ್ತಿದೆ. ಪ್ರಾಣಿಗಳು ನಾಡಿಗೆ ಬರದಂತೆ ತಡೆಯುವ ಕಾರ್ಯ ಮಾಡಲಾಗುತ್ತಿದೆ ಎಂದರು. ಕಾರ್ಯಕ್ರಮದಲ್ಲಿ ಶ್ರೀ ಭರತ್ ಪ್ರಭು ದೇವರಾಜ ಅರಸ್ ದಿವ್ಯ ಸಾನಿಧ್ಯ ವಹಿಸಿದರು. ನೀಲಗಾರರ ಪದಗಳನ್ನು ಹಾಡಿದ ಕಲಾವಿದರಿಗೆ ಅಭಿನಂದನೆ ಸಲ್ಲಿಸಲಾಯಿತು. ಜಾನಪದ ತಜ್ಞರಾದ ಡಾ.ಕೃಷ್ಣಮೂರ್ತಿ ಅವರು ಜನಪದ ಸಾಹಿತ್ಯದ ಮಹತ್ವದ ಕುರಿತು ಉಪನ್ಯಾಸ ನೀಡಿದರು. ಮುಖಂಡರಾದ ಬಸವರಾಜು, ಮಹದೇವಪ್ಪ, ಮಹೇಶ್, ನಾಗರಾಜು, ಶಿವಕುಮಾರ್, ಸಿದ್ದರಾಜು, ಕುಮಾರಸ್ವಾಮಿ ಹಾಗೂ ಇತರರು ಹಾಜರಿದ್ದರು.
